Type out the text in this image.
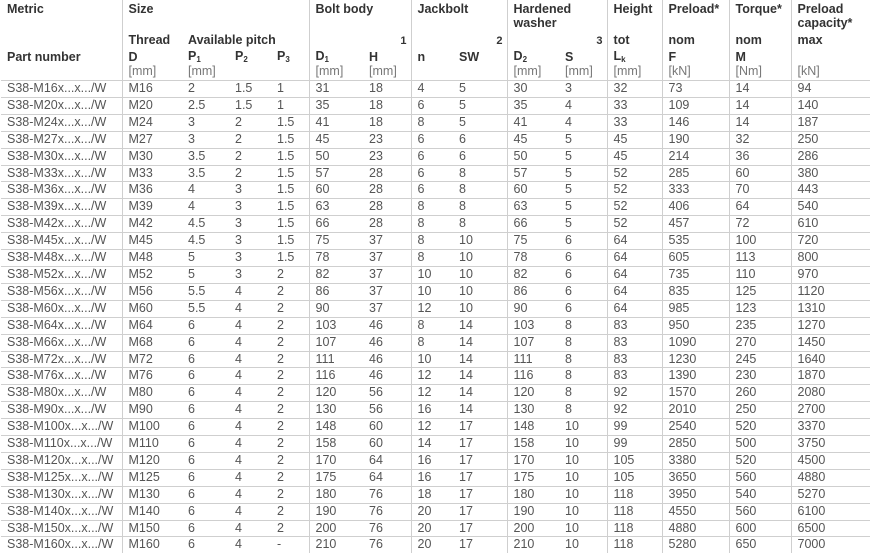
Metric	Size				Bolt body		Jackbolt		Hardened washer		Height	Preload*	Torque*	Preload capacity*
	Thread	Available pitch			1		2		3		tot	nom	nom	max
Part number	D	$P_1$	$P_2$	$P_3$	$D_1$	H	n	SW	$D_2$	S	$L_k$	F	M	
	[mm]	[mm]			[mm]	[mm]			[mm]	[mm]	[mm]	[kN]	[Nm]	[kN]
S38-M16x...x.../W	M16	2	1.5	1	31	18	4	5	30	3	32	73	14	94
S38-M20x...x.../W	M20	2.5	1.5	1	35	18	6	5	35	4	33	109	14	140
S38-M24x...x.../W	M24	3	2	1.5	41	18	8	5	41	4	33	146	14	187
S38-M27x...x.../W	M27	3	2	1.5	45	23	6	6	45	5	45	190	32	250
S38-M30x...x.../W	M30	3.5	2	1.5	50	23	6	6	50	5	45	214	36	286
S38-M33x...x.../W	M33	3.5	2	1.5	57	28	6	8	57	5	52	285	60	380
S38-M36x...x.../W	M36	4	3	1.5	60	28	6	8	60	5	52	333	70	443
S38-M39x...x.../W	M39	4	3	1.5	63	28	8	8	63	5	52	406	64	540
S38-M42x...x.../W	M42	4.5	3	1.5	66	28	8	8	66	5	52	457	72	610
S38-M45x...x.../W	M45	4.5	3	1.5	75	37	8	10	75	6	64	535	100	720
S38-M48x...x.../W	M48	5	3	1.5	78	37	8	10	78	6	64	605	113	800
S38-M52x...x.../W	M52	5	3	2	82	37	10	10	82	6	64	735	110	970
S38-M56x...x.../W	M56	5.5	4	2	86	37	10	10	86	6	64	835	125	1120
S38-M60x...x.../W	M60	5.5	4	2	90	37	12	10	90	6	64	985	123	1310
S38-M64x...x.../W	M64	6	4	2	103	46	8	14	103	8	83	950	235	1270
S38-M66x...x.../W	M68	6	4	2	107	46	8	14	107	8	83	1090	270	1450
S38-M72x...x.../W	M72	6	4	2	111	46	10	14	111	8	83	1230	245	1640
S38-M76x...x.../W	M76	6	4	2	116	46	12	14	116	8	83	1390	230	1870
S38-M80x...x.../W	M80	6	4	2	120	56	12	14	120	8	92	1570	260	2080
S38-M90x...x.../W	M90	6	4	2	130	56	16	14	130	8	92	2010	250	2700
S38-M100x...x.../W	M100	6	4	2	148	60	12	17	148	10	99	2540	520	3370
S38-M110x...x.../W	M110	6	4	2	158	60	14	17	158	10	99	2850	500	3750
S38-M120x...x.../W	M120	6	4	2	170	64	16	17	170	10	105	3380	520	4500
S38-M125x...x.../W	M125	6	4	2	175	64	16	17	175	10	105	3650	560	4880
S38-M130x...x.../W	M130	6	4	2	180	76	18	17	180	10	118	3950	540	5270
S38-M140x...x.../W	M140	6	4	2	190	76	20	17	190	10	118	4550	560	6100
S38-M150x...x.../W	M150	6	4	2	200	76	20	17	200	10	118	4880	600	6500
S38-M160x...x.../W	M160	6	4	-	210	76	20	17	210	10	118	5280	650	7000
